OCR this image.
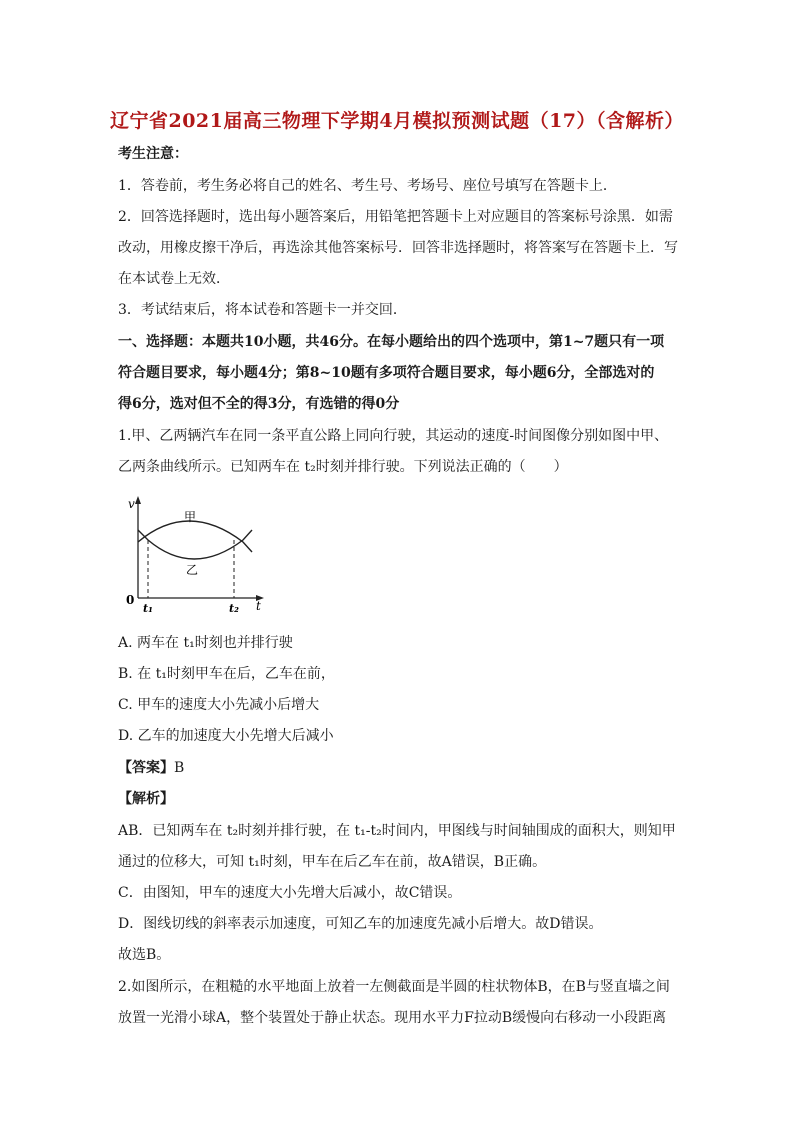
辽宁省2021届高三物理下学期4月模拟预测试题（17）（含解析）
考生注意：
1．答卷前，考生务必将自己的姓名、考生号、考场号、座位号填写在答题卡上．
2．回答选择题时，选出每小题答案后，用铅笔把答题卡上对应题目的答案标号涂黑．如需
改动，用橡皮擦干净后，再选涂其他答案标号．回答非选择题时，将答案写在答题卡上．写
在本试卷上无效．
3．考试结束后，将本试卷和答题卡一并交回．
一、选择题：本题共10小题，共46分。在每小题给出的四个选项中，第1~7题只有一项
符合题目要求，每小题4分；第8~10题有多项符合题目要求，每小题6分，全部选对的
得6分，选对但不全的得3分，有选错的得0分
1.甲、乙两辆汽车在同一条平直公路上同向行驶，其运动的速度-时间图像分别如图中甲、
乙两条曲线所示。已知两车在 t₂时刻并排行驶。下列说法正确的（　　）
v
t
0
t₁	t₂
甲
乙
A. 两车在 t₁时刻也并排行驶
B. 在 t₁时刻甲车在后，乙车在前，
C. 甲车的速度大小先减小后增大
D. 乙车的加速度大小先增大后减小
【答案】B
【解析】
AB．已知两车在 t₂时刻并排行驶，在 t₁-t₂时间内，甲图线与时间轴围成的面积大，则知甲
通过的位移大，可知 t₁时刻，甲车在后乙车在前，故A错误，B正确。
C．由图知，甲车的速度大小先增大后减小，故C错误。
D．图线切线的斜率表示加速度，可知乙车的加速度先减小后增大。故D错误。
故选B。
2.如图所示，在粗糙的水平地面上放着一左侧截面是半圆的柱状物体B，在B与竖直墙之间
放置一光滑小球A，整个装置处于静止状态。现用水平力F拉动B缓慢向右移动一小段距离
